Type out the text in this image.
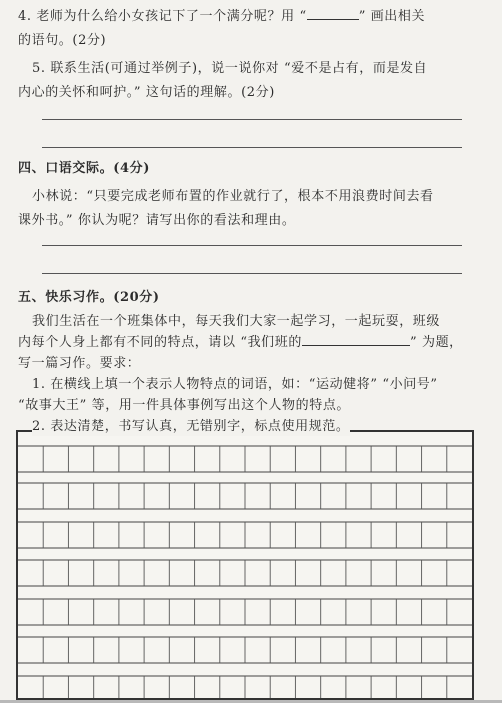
4. 老师为什么给小女孩记下了一个满分呢？用 “	” 画出相关
的语句。(2分)
5. 联系生活(可通过举例子)，说一说你对 “爱不是占有，而是发自
内心的关怀和呵护。” 这句话的理解。(2分)
四、口语交际。(4分)
小林说：“只要完成老师布置的作业就行了，根本不用浪费时间去看
课外书。” 你认为呢？请写出你的看法和理由。
五、快乐习作。(20分)
我们生活在一个班集体中，每天我们大家一起学习，一起玩耍，班级
内每个人身上都有不同的特点，请以 “我们班的	” 为题，
写一篇习作。要求：
1. 在横线上填一个表示人物特点的词语，如：“运动健将” “小问号”
“故事大王” 等，用一件具体事例写出这个人物的特点。
2. 表达清楚，书写认真，无错别字，标点使用规范。
